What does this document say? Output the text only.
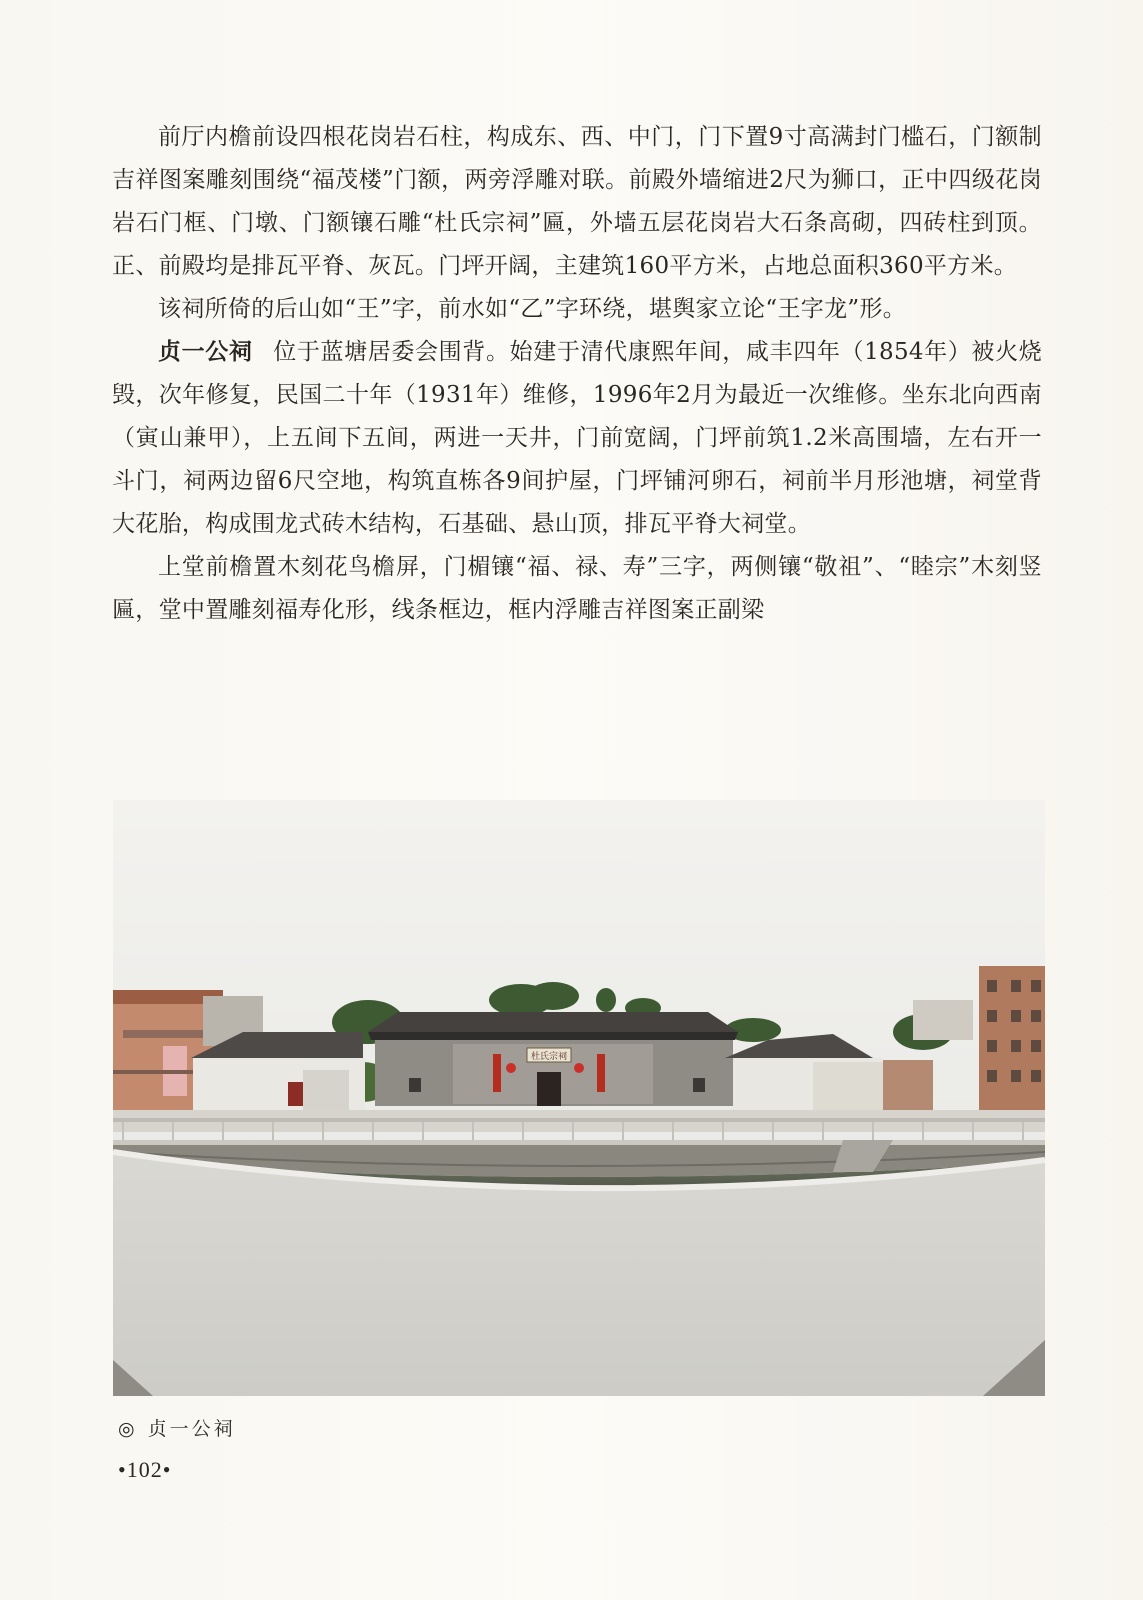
前厅内檐前设四根花岗岩石柱，构成东、西、中门，门下置9寸高满封门槛石，门额制吉祥图案雕刻围绕“福茂楼”门额，两旁浮雕对联。前殿外墙缩进2尺为狮口，正中四级花岗岩石门框、门墩、门额镶石雕“杜氏宗祠”匾，外墙五层花岗岩大石条高砌，四砖柱到顶。正、前殿均是排瓦平脊、灰瓦。门坪开阔，主建筑160平方米，占地总面积360平方米。

该祠所倚的后山如“王”字，前水如“乙”字环绕，堪舆家立论“王字龙”形。

贞一公祠 位于蓝塘居委会围背。始建于清代康熙年间，咸丰四年（1854年）被火烧毁，次年修复，民国二十年（1931年）维修，1996年2月为最近一次维修。坐东北向西南（寅山兼甲），上五间下五间，两进一天井，门前宽阔，门坪前筑1.2米高围墙，左右开一斗门，祠两边留6尺空地，构筑直栋各9间护屋，门坪铺河卵石，祠前半月形池塘，祠堂背大花胎，构成围龙式砖木结构，石基础、悬山顶，排瓦平脊大祠堂。

上堂前檐置木刻花鸟檐屏，门楣镶“福、禄、寿”三字，两侧镶“敬祖”、“睦宗”木刻竖匾，堂中置雕刻福寿化形，线条框边，框内浮雕吉祥图案正副梁

杜氏宗祠
◎ 贞一公祠
•102•
